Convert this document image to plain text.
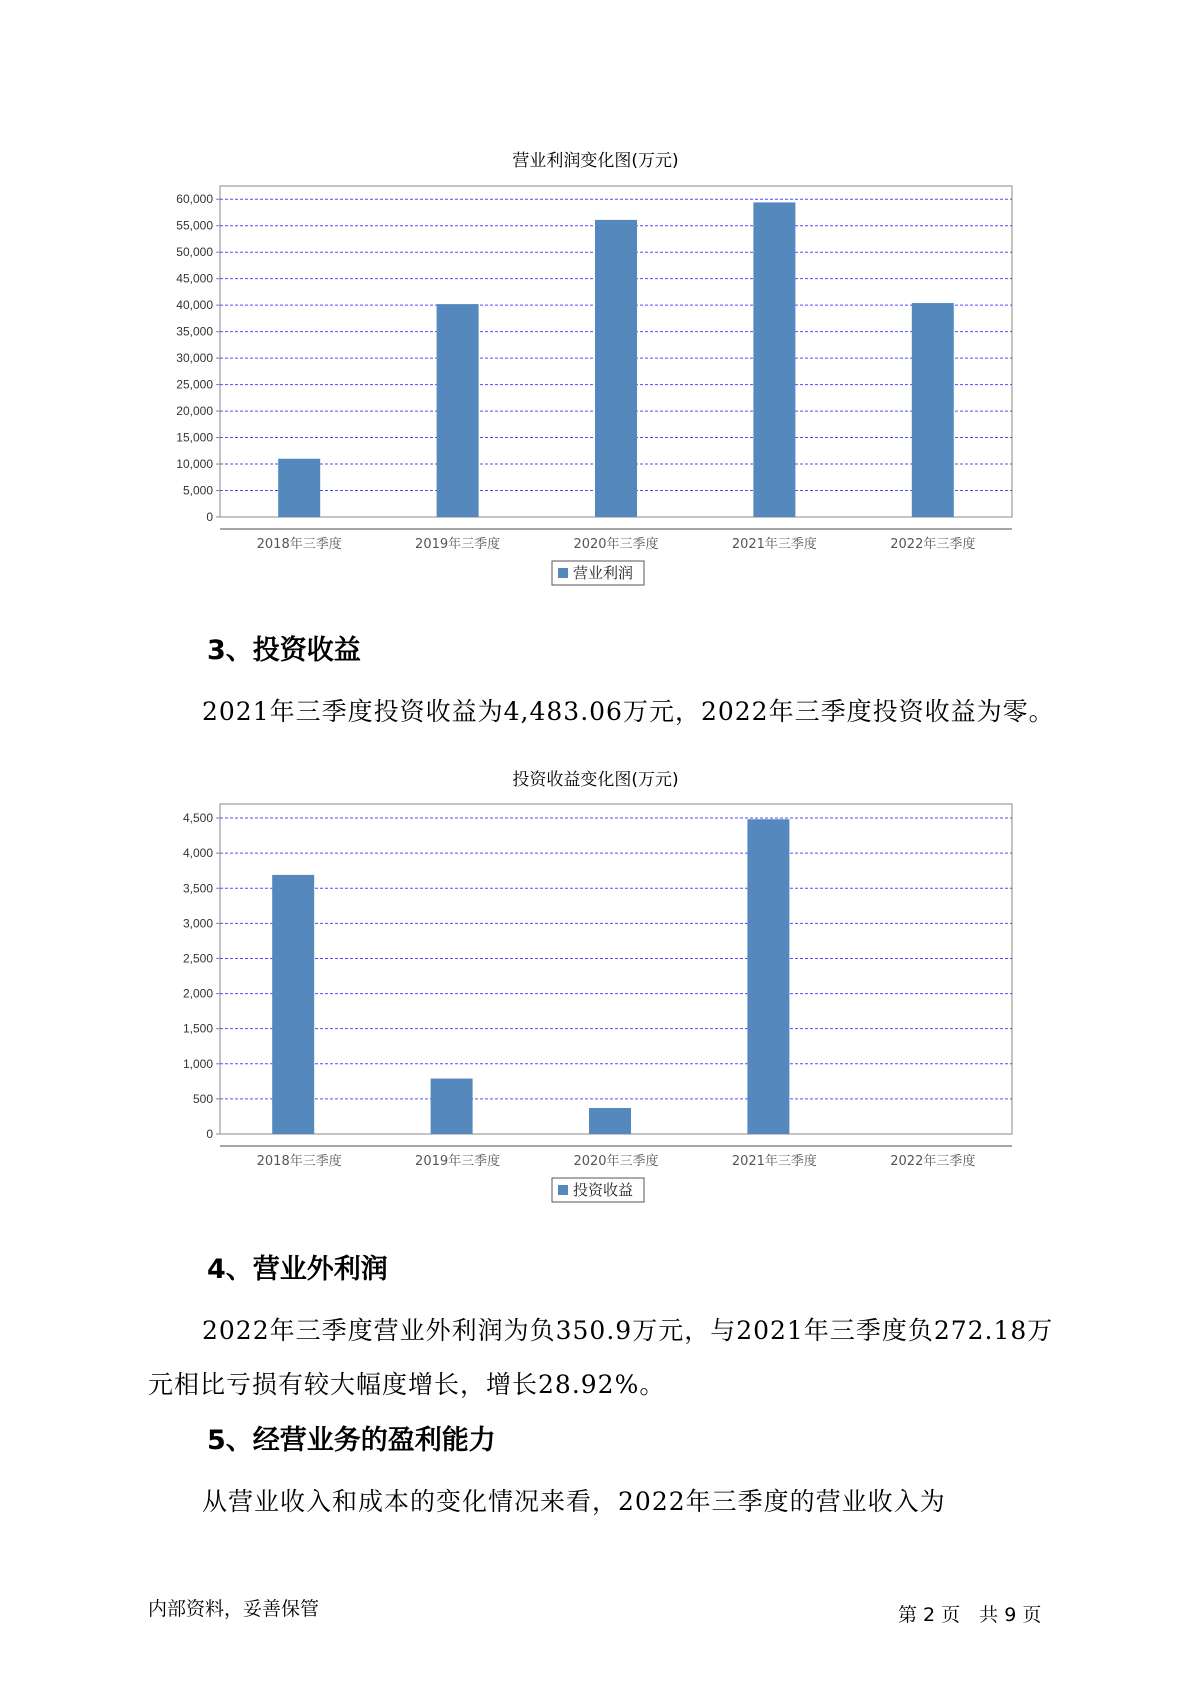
营业利润变化图(万元)
0
5,000
10,000
15,000
20,000
25,000
30,000
35,000
40,000
45,000
50,000
55,000
60,000
2018年三季度	2019年三季度	2020年三季度	2021年三季度	2022年三季度
营业利润
3、投资收益
2021年三季度投资收益为4,483.06万元，2022年三季度投资收益为零。
投资收益变化图(万元)
0
500
1,000
1,500
2,000
2,500
3,000
3,500
4,000
4,500
2018年三季度	2019年三季度	2020年三季度	2021年三季度	2022年三季度
投资收益
4、营业外利润
2022年三季度营业外利润为负350.9万元，与2021年三季度负272.18万
元相比亏损有较大幅度增长，增长28.92%。
5、经营业务的盈利能力
从营业收入和成本的变化情况来看，2022年三季度的营业收入为
内部资料，妥善保管	第 2 页　共 9 页
